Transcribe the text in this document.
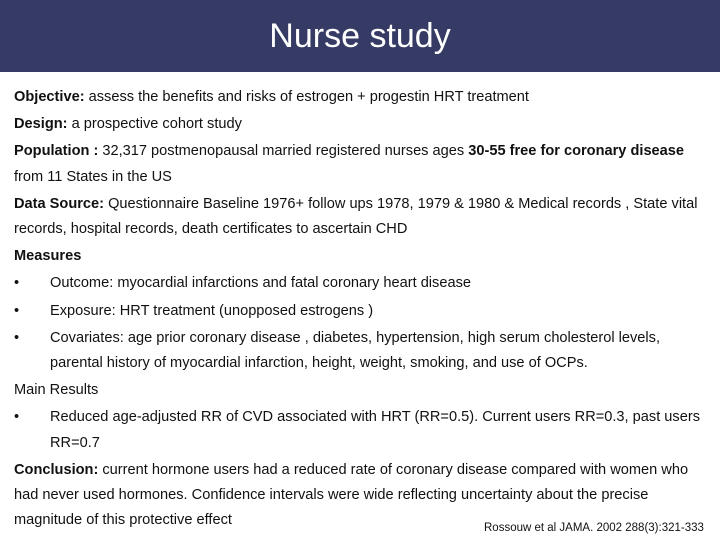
Nurse study

Objective: assess the benefits and risks of estrogen + progestin HRT treatment

Design: a prospective cohort study

Population : 32,317 postmenopausal married registered nurses ages 30-55 free for coronary disease from 11 States in the US

Data Source: Questionnaire Baseline 1976+ follow ups 1978, 1979 & 1980 & Medical records , State vital records, hospital records, death certificates to ascertain CHD

Measures

•	Outcome: myocardial infarctions and fatal coronary heart disease
•	Exposure: HRT treatment (unopposed estrogens )
•	Covariates: age prior coronary disease , diabetes, hypertension, high serum cholesterol levels, parental history of myocardial infarction, height, weight, smoking, and use of OCPs.

Main Results

•	Reduced age-adjusted RR of CVD associated with HRT (RR=0.5). Current users RR=0.3, past users RR=0.7

Conclusion: current hormone users had a reduced rate of coronary disease compared with women who had never used hormones. Confidence intervals were wide reflecting uncertainty about the precise magnitude of this protective effect	Rossouw et al JAMA. 2002 288(3):321-333
